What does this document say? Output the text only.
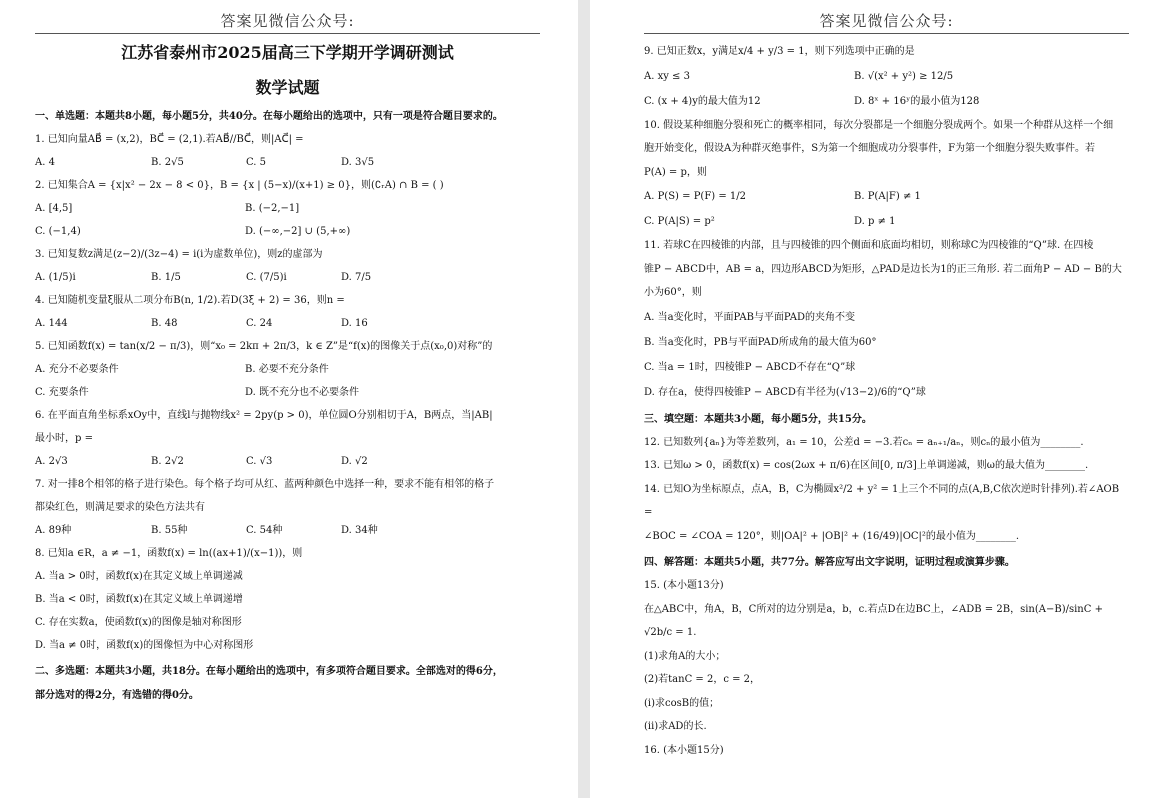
答案见微信公众号:
江苏省泰州市2025届高三下学期开学调研测试
数学试题
一、单选题：本题共8小题，每小题5分，共40分。在每小题给出的选项中，只有一项是符合题目要求的。
1. 已知向量AB⃗ = (x,2)，BC⃗ = (2,1).若AB⃗//BC⃗，则|AC⃗| =
A. 4	B. 2√5	C. 5	D. 3√5
2. 已知集合A = {x|x² − 2x − 8 < 0}，B = {x | (5−x)/(x+1) ≥ 0}，则(∁ᵣA) ∩ B = ( )
A. [4,5]	B. (−2,−1]
C. (−1,4)	D. (−∞,−2] ∪ (5,+∞)
3. 已知复数z满足(z−2)/(3z−4) = i(i为虚数单位)，则z的虚部为
A. (1/5)i	B. 1/5	C. (7/5)i	D. 7/5
4. 已知随机变量ξ服从二项分布B(n, 1/2).若D(3ξ + 2) = 36，则n =
A. 144	B. 48	C. 24	D. 16
5. 已知函数f(x) = tan(x/2 − π/3)，则“x₀ = 2kπ + 2π/3，k ∈ Z”是“f(x)的图像关于点(x₀,0)对称”的
A. 充分不必要条件	B. 必要不充分条件
C. 充要条件	D. 既不充分也不必要条件
6. 在平面直角坐标系xOy中，直线l与抛物线x² = 2py(p > 0)，单位圆O分别相切于A，B两点，当|AB|
最小时，p =
A. 2√3	B. 2√2	C. √3	D. √2
7. 对一排8个相邻的格子进行染色。每个格子均可从红、蓝两种颜色中选择一种，要求不能有相邻的格子
都染红色，则满足要求的染色方法共有
A. 89种	B. 55种	C. 54种	D. 34种
8. 已知a ∈R，a ≠ −1，函数f(x) = ln((ax+1)/(x−1))，则
A. 当a > 0时，函数f(x)在其定义域上单调递减
B. 当a < 0时，函数f(x)在其定义域上单调递增
C. 存在实数a，使函数f(x)的图像是轴对称图形
D. 当a ≠ 0时，函数f(x)的图像恒为中心对称图形
二、多选题：本题共3小题，共18分。在每小题给出的选项中，有多项符合题目要求。全部选对的得6分，
部分选对的得2分，有选错的得0分。
答案见微信公众号:
9. 已知正数x，y满足x/4 + y/3 = 1，则下列选项中正确的是
A. xy ≤ 3	B. √(x² + y²) ≥ 12/5
C. (x + 4)y的最大值为12	D. 8ˣ + 16ʸ的最小值为128
10. 假设某种细胞分裂和死亡的概率相同，每次分裂都是一个细胞分裂成两个。如果一个种群从这样一个细
胞开始变化，假设A为种群灭绝事件，S为第一个细胞成功分裂事件，F为第一个细胞分裂失败事件。若
P(A) = p，则
A. P(S) = P(F) = 1/2	B. P(A|F) ≠ 1
C. P(A|S) = p²	D. p ≠ 1
11. 若球C在四棱锥的内部，且与四棱锥的四个侧面和底面均相切，则称球C为四棱锥的“Q”球. 在四棱
锥P − ABCD中，AB = a，四边形ABCD为矩形，△PAD是边长为1的正三角形. 若二面角P − AD − B的大
小为60°，则
A. 当a变化时，平面PAB与平面PAD的夹角不变
B. 当a变化时，PB与平面PAD所成角的最大值为60°
C. 当a = 1时，四棱锥P − ABCD不存在“Q”球
D. 存在a，使得四棱锥P − ABCD有半径为(√13−2)/6的“Q”球
三、填空题：本题共3小题，每小题5分，共15分。
12. 已知数列{aₙ}为等差数列，a₁ = 10，公差d = −3.若cₙ = aₙ₊₁/aₙ，则cₙ的最小值为________.
13. 已知ω > 0，函数f(x) = cos(2ωx + π/6)在区间[0, π/3]上单调递减，则ω的最大值为________.
14. 已知O为坐标原点，点A，B，C为椭圆x²/2 + y² = 1上三个不同的点(A,B,C依次逆时针排列).若∠AOB =
∠BOC = ∠COA = 120°，则|OA|² + |OB|² + (16/49)|OC|²的最小值为________.
四、解答题：本题共5小题，共77分。解答应写出文字说明，证明过程或演算步骤。
15. (本小题13分)
在△ABC中，角A，B，C所对的边分别是a，b，c.若点D在边BC上，∠ADB = 2B，sin(A−B)/sinC + √2b/c = 1.
(1)求角A的大小；
(2)若tanC = 2，c = 2，
(ⅰ)求cosB的值；
(ⅱ)求AD的长.
16. (本小题15分)
